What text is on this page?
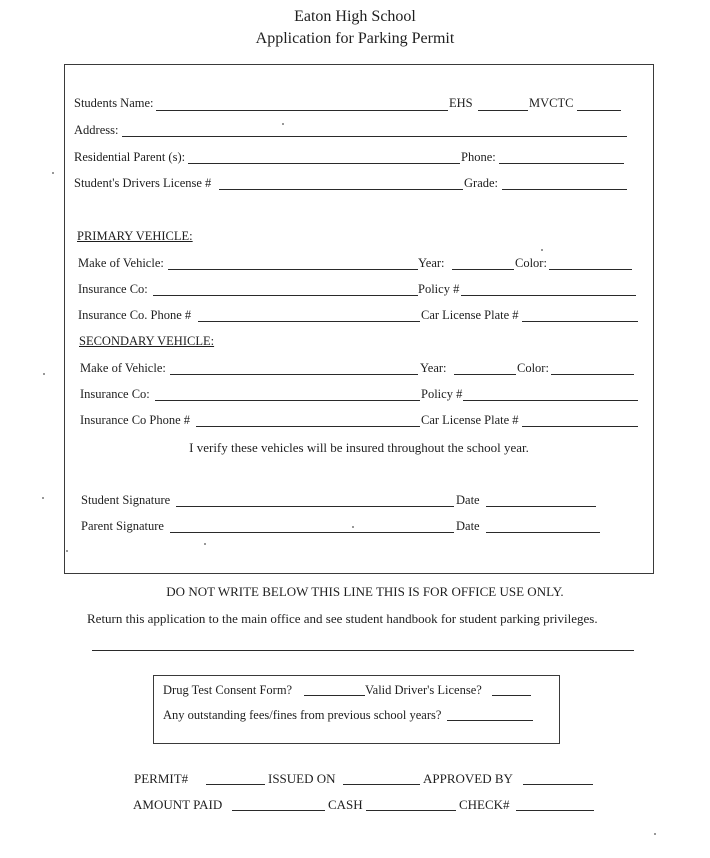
Eaton High School
Application for Parking Permit
Students Name:	EHS	MVCTC
Address:
Residential Parent (s):	Phone:
Student's Drivers License #	Grade:
PRIMARY VEHICLE:
Make of Vehicle:	Year:	Color:
Insurance Co:	Policy #
Insurance Co. Phone #	Car License Plate #
SECONDARY VEHICLE:
Make of Vehicle:	Year:	Color:
Insurance Co:	Policy #
Insurance Co Phone #	Car License Plate #
I verify these vehicles will be insured throughout the school year.
Student Signature	Date
Parent Signature	Date
DO NOT WRITE BELOW THIS LINE THIS IS FOR OFFICE USE ONLY.
Return this application to the main office and see student handbook for student parking privileges.
Drug Test Consent Form?	Valid Driver's License?
Any outstanding fees/fines from previous school years?
PERMIT#	ISSUED ON	APPROVED BY
AMOUNT PAID	CASH	CHECK#
